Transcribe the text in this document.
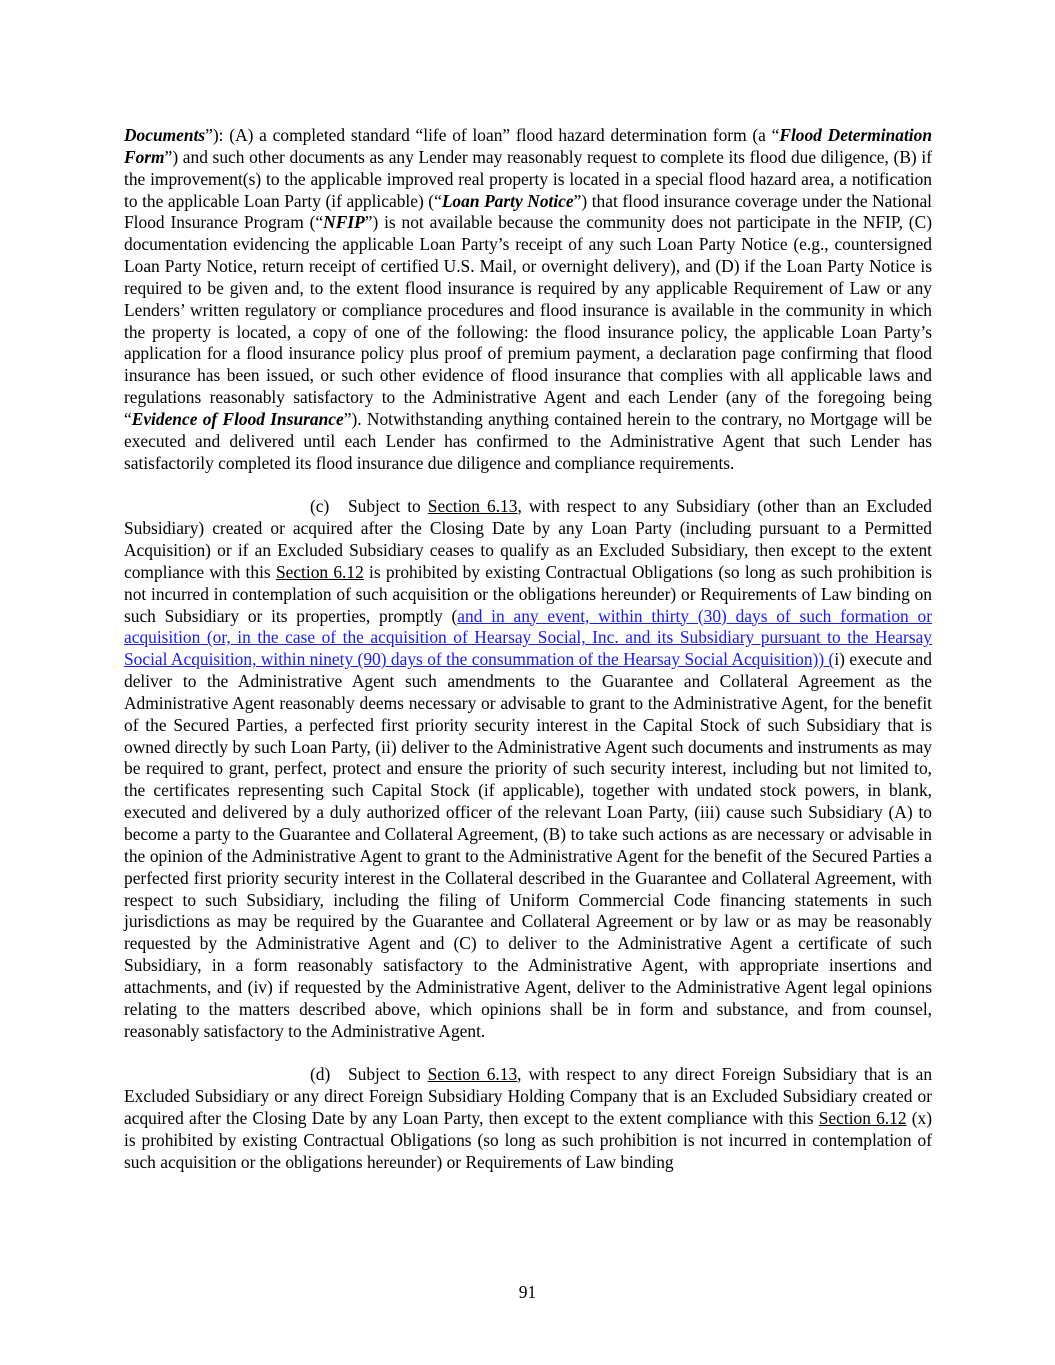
Documents”): (A) a completed standard “life of loan” flood hazard determination form (a “Flood Determination Form”) and such other documents as any Lender may reasonably request to complete its flood due diligence, (B) if the improvement(s) to the applicable improved real property is located in a special flood hazard area, a notification to the applicable Loan Party (if applicable) (“Loan Party Notice”) that flood insurance coverage under the National Flood Insurance Program (“NFIP”) is not available because the community does not participate in the NFIP, (C) documentation evidencing the applicable Loan Party’s receipt of any such Loan Party Notice (e.g., countersigned Loan Party Notice, return receipt of certified U.S. Mail, or overnight delivery), and (D) if the Loan Party Notice is required to be given and, to the extent flood insurance is required by any applicable Requirement of Law or any Lenders’ written regulatory or compliance procedures and flood insurance is available in the community in which the property is located, a copy of one of the following: the flood insurance policy, the applicable Loan Party’s application for a flood insurance policy plus proof of premium payment, a declaration page confirming that flood insurance has been issued, or such other evidence of flood insurance that complies with all applicable laws and regulations reasonably satisfactory to the Administrative Agent and each Lender (any of the foregoing being “Evidence of Flood Insurance”). Notwithstanding anything contained herein to the contrary, no Mortgage will be executed and delivered until each Lender has confirmed to the Administrative Agent that such Lender has satisfactorily completed its flood insurance due diligence and compliance requirements.

(c) Subject to Section 6.13, with respect to any Subsidiary (other than an Excluded Subsidiary) created or acquired after the Closing Date by any Loan Party (including pursuant to a Permitted Acquisition) or if an Excluded Subsidiary ceases to qualify as an Excluded Subsidiary, then except to the extent compliance with this Section 6.12 is prohibited by existing Contractual Obligations (so long as such prohibition is not incurred in contemplation of such acquisition or the obligations hereunder) or Requirements of Law binding on such Subsidiary or its properties, promptly (and in any event, within thirty (30) days of such formation or acquisition (or, in the case of the acquisition of Hearsay Social, Inc. and its Subsidiary pursuant to the Hearsay Social Acquisition, within ninety (90) days of the consummation of the Hearsay Social Acquisition)) (i) execute and deliver to the Administrative Agent such amendments to the Guarantee and Collateral Agreement as the Administrative Agent reasonably deems necessary or advisable to grant to the Administrative Agent, for the benefit of the Secured Parties, a perfected first priority security interest in the Capital Stock of such Subsidiary that is owned directly by such Loan Party, (ii) deliver to the Administrative Agent such documents and instruments as may be required to grant, perfect, protect and ensure the priority of such security interest, including but not limited to, the certificates representing such Capital Stock (if applicable), together with undated stock powers, in blank, executed and delivered by a duly authorized officer of the relevant Loan Party, (iii) cause such Subsidiary (A) to become a party to the Guarantee and Collateral Agreement, (B) to take such actions as are necessary or advisable in the opinion of the Administrative Agent to grant to the Administrative Agent for the benefit of the Secured Parties a perfected first priority security interest in the Collateral described in the Guarantee and Collateral Agreement, with respect to such Subsidiary, including the filing of Uniform Commercial Code financing statements in such jurisdictions as may be required by the Guarantee and Collateral Agreement or by law or as may be reasonably requested by the Administrative Agent and (C) to deliver to the Administrative Agent a certificate of such Subsidiary, in a form reasonably satisfactory to the Administrative Agent, with appropriate insertions and attachments, and (iv) if requested by the Administrative Agent, deliver to the Administrative Agent legal opinions relating to the matters described above, which opinions shall be in form and substance, and from counsel, reasonably satisfactory to the Administrative Agent.

(d) Subject to Section 6.13, with respect to any direct Foreign Subsidiary that is an Excluded Subsidiary or any direct Foreign Subsidiary Holding Company that is an Excluded Subsidiary created or acquired after the Closing Date by any Loan Party, then except to the extent compliance with this Section 6.12 (x) is prohibited by existing Contractual Obligations (so long as such prohibition is not incurred in contemplation of such acquisition or the obligations hereunder) or Requirements of Law binding

91
